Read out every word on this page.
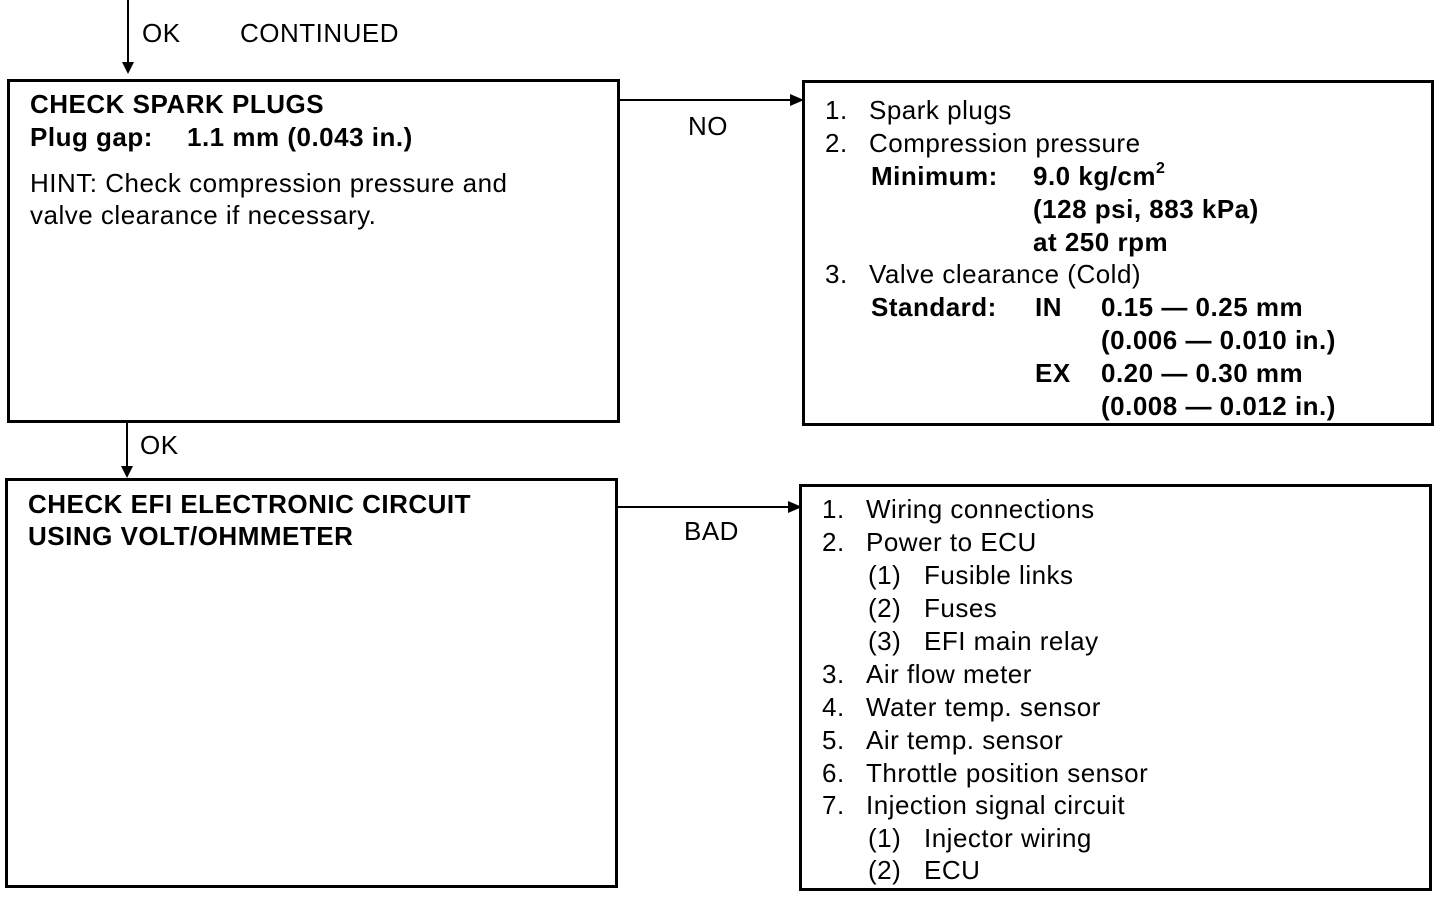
OK CONTINUED
CHECK SPARK PLUGS
Plug gap: 1.1 mm (0.043 in.)
HINT: Check compression pressure and
valve clearance if necessary.
NO
1. Spark plugs
2. Compression pressure
Minimum: 9.0 $kg/cm^2$
(128 psi, 883 kPa)
at 250 rpm
3. Valve clearance (Cold)
Standard: IN 0.15 — 0.25 mm
(0.006 — 0.010 in.)
EX 0.20 — 0.30 mm
(0.008 — 0.012 in.)
OK
CHECK EFI ELECTRONIC CIRCUIT
USING VOLT/OHMMETER	BAD
1. Wiring connections
2. Power to ECU
(1) Fusible links
(2) Fuses
(3) EFI main relay
3. Air flow meter
4. Water temp. sensor
5. Air temp. sensor
6. Throttle position sensor
7. Injection signal circuit
(1) Injector wiring
(2) ECU
